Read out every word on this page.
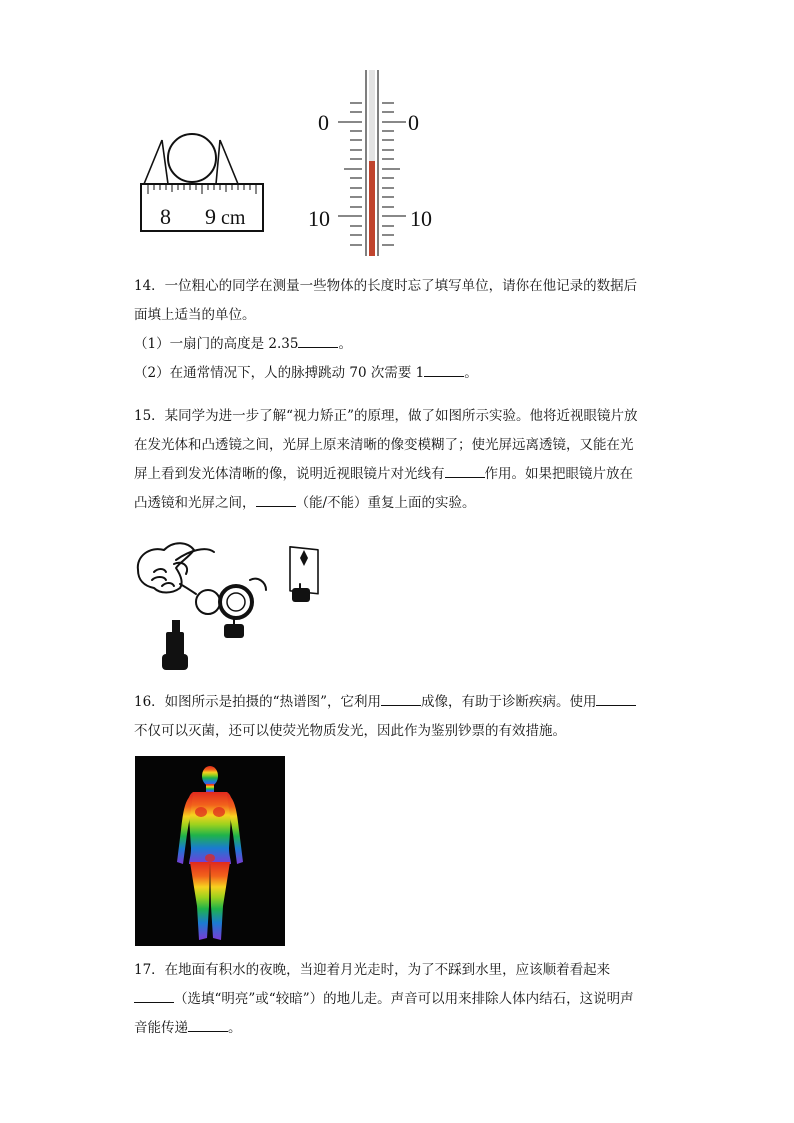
8 9 cm
0	0
10	10
14．一位粗心的同学在测量一些物体的长度时忘了填写单位，请你在他记录的数据后
面填上适当的单位。
（1）一扇门的高度是 2.35	。
（2）在通常情况下，人的脉搏跳动 70 次需要 1	。
15．某同学为进一步了解“视力矫正”的原理，做了如图所示实验。他将近视眼镜片放
在发光体和凸透镜之间，光屏上原来清晰的像变模糊了；使光屏远离透镜，又能在光
屏上看到发光体清晰的像，说明近视眼镜片对光线有	作用。如果把眼镜片放在
凸透镜和光屏之间，	（能/不能）重复上面的实验。
16．如图所示是拍摄的“热谱图”，它利用	成像，有助于诊断疾病。使用
不仅可以灭菌，还可以使荧光物质发光，因此作为鉴别钞票的有效措施。
17．在地面有积水的夜晚，当迎着月光走时，为了不踩到水里，应该顺着看起来
（选填“明亮”或“较暗”）的地儿走。声音可以用来排除人体内结石，这说明声
音能传递	。
